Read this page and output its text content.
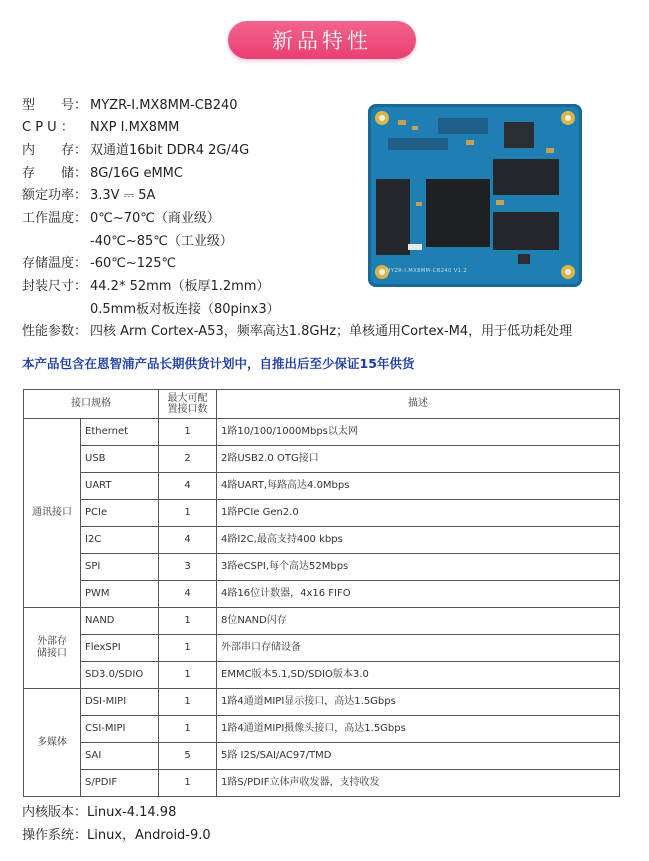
新品特性
型　　号： MYZR-I.MX8MM-CB240
C P U ： NXP I.MX8MM
内　　存： 双通道16bit DDR4 2G/4G
存　　储： 8G/16G eMMC
额定功率： 3.3V ⎓ 5A
工作温度： 0℃~70℃（商业级）
-40℃~85℃（工业级）
存储温度： -60℃~125℃
封装尺寸： 44.2* 52mm（板厚1.2mm）
0.5mm板对板连接（80pinx3）
性能参数： 四核 Arm Cortex-A53，频率高达1.8GHz；单核通用Cortex-M4，用于低功耗处理
MYZR-I.MX8MM-CB240 V1.2
本产品包含在恩智浦产品长期供货计划中，自推出后至少保证15年供货
接口规格		最大可配
置接口数	描述
通讯接口	Ethernet	1	1路10/100/1000Mbps以太网
	USB	2	2路USB2.0 OTG接口
	UART	4	4路UART,每路高达4.0Mbps
	PCIe	1	1路PCIe Gen2.0
	I2C	4	4路I2C,最高支持400 kbps
	SPI	3	3路eCSPI,每个高达52Mbps
	PWM	4	4路16位计数器，4x16 FIFO
外部存
储接口	NAND	1	8位NAND闪存
	FlexSPI	1	外部串口存储设备
	SD3.0/SDIO	1	EMMC版本5.1,SD/SDIO版本3.0
多媒体	DSI-MIPI	1	1路4通道MIPI显示接口，高达1.5Gbps
	CSI-MIPI	1	1路4通道MIPI摄像头接口，高达1.5Gbps
	SAI	5	5路 I2S/SAI/AC97/TMD
	S/PDIF	1	1路S/PDIF立体声收发器，支持收发
内核版本：Linux-4.14.98
操作系统：Linux，Android-9.0
